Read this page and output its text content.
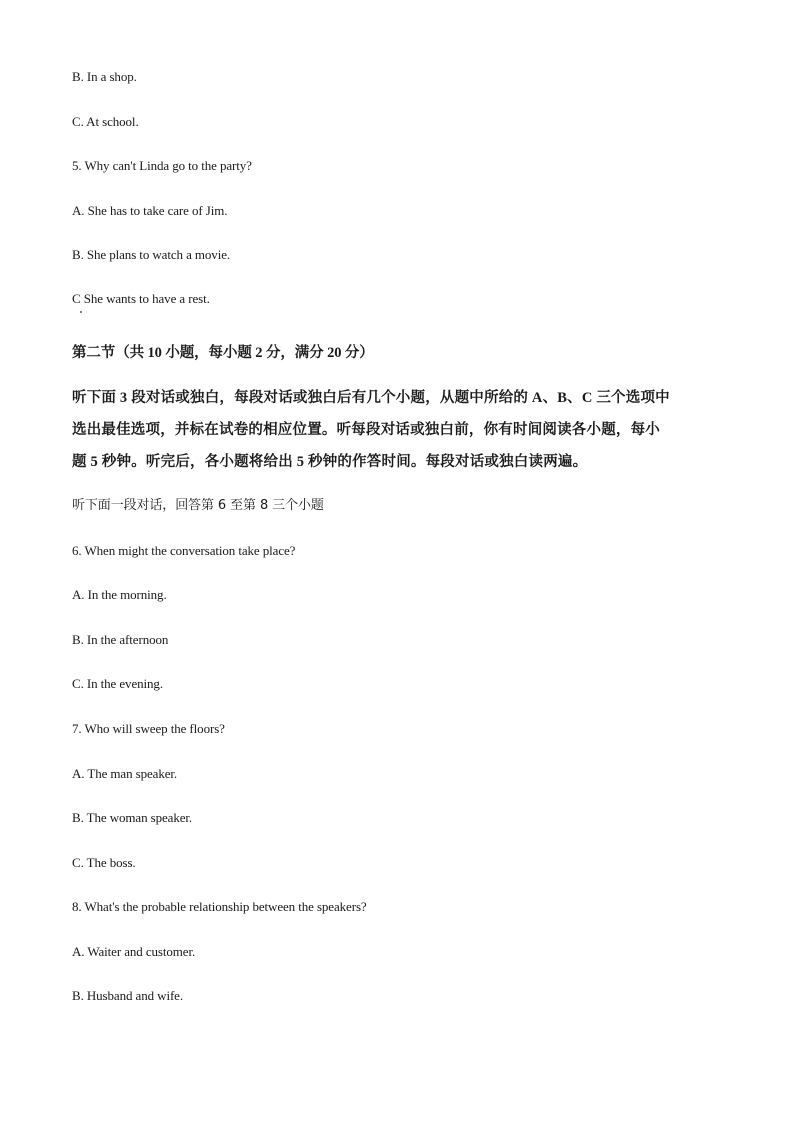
B. In a shop.
C. At school.
5. Why can't Linda go to the party?
A. She has to take care of Jim.
B. She plans to watch a movie.
C She wants to have a rest.
第二节（共 10 小题，每小题 2 分，满分 20 分）
听下面 3 段对话或独白，每段对话或独白后有几个小题，从题中所给的 A、B、C 三个选项中
选出最佳选项，并标在试卷的相应位置。听每段对话或独白前，你有时间阅读各小题，每小
题 5 秒钟。听完后，各小题将给出 5 秒钟的作答时间。每段对话或独白读两遍。
听下面一段对话，回答第 6 至第 8 三个小题
6. When might the conversation take place?
A. In the morning.
B. In the afternoon
C. In the evening.
7. Who will sweep the floors?
A. The man speaker.
B. The woman speaker.
C. The boss.
8. What's the probable relationship between the speakers?
A. Waiter and customer.
B. Husband and wife.
